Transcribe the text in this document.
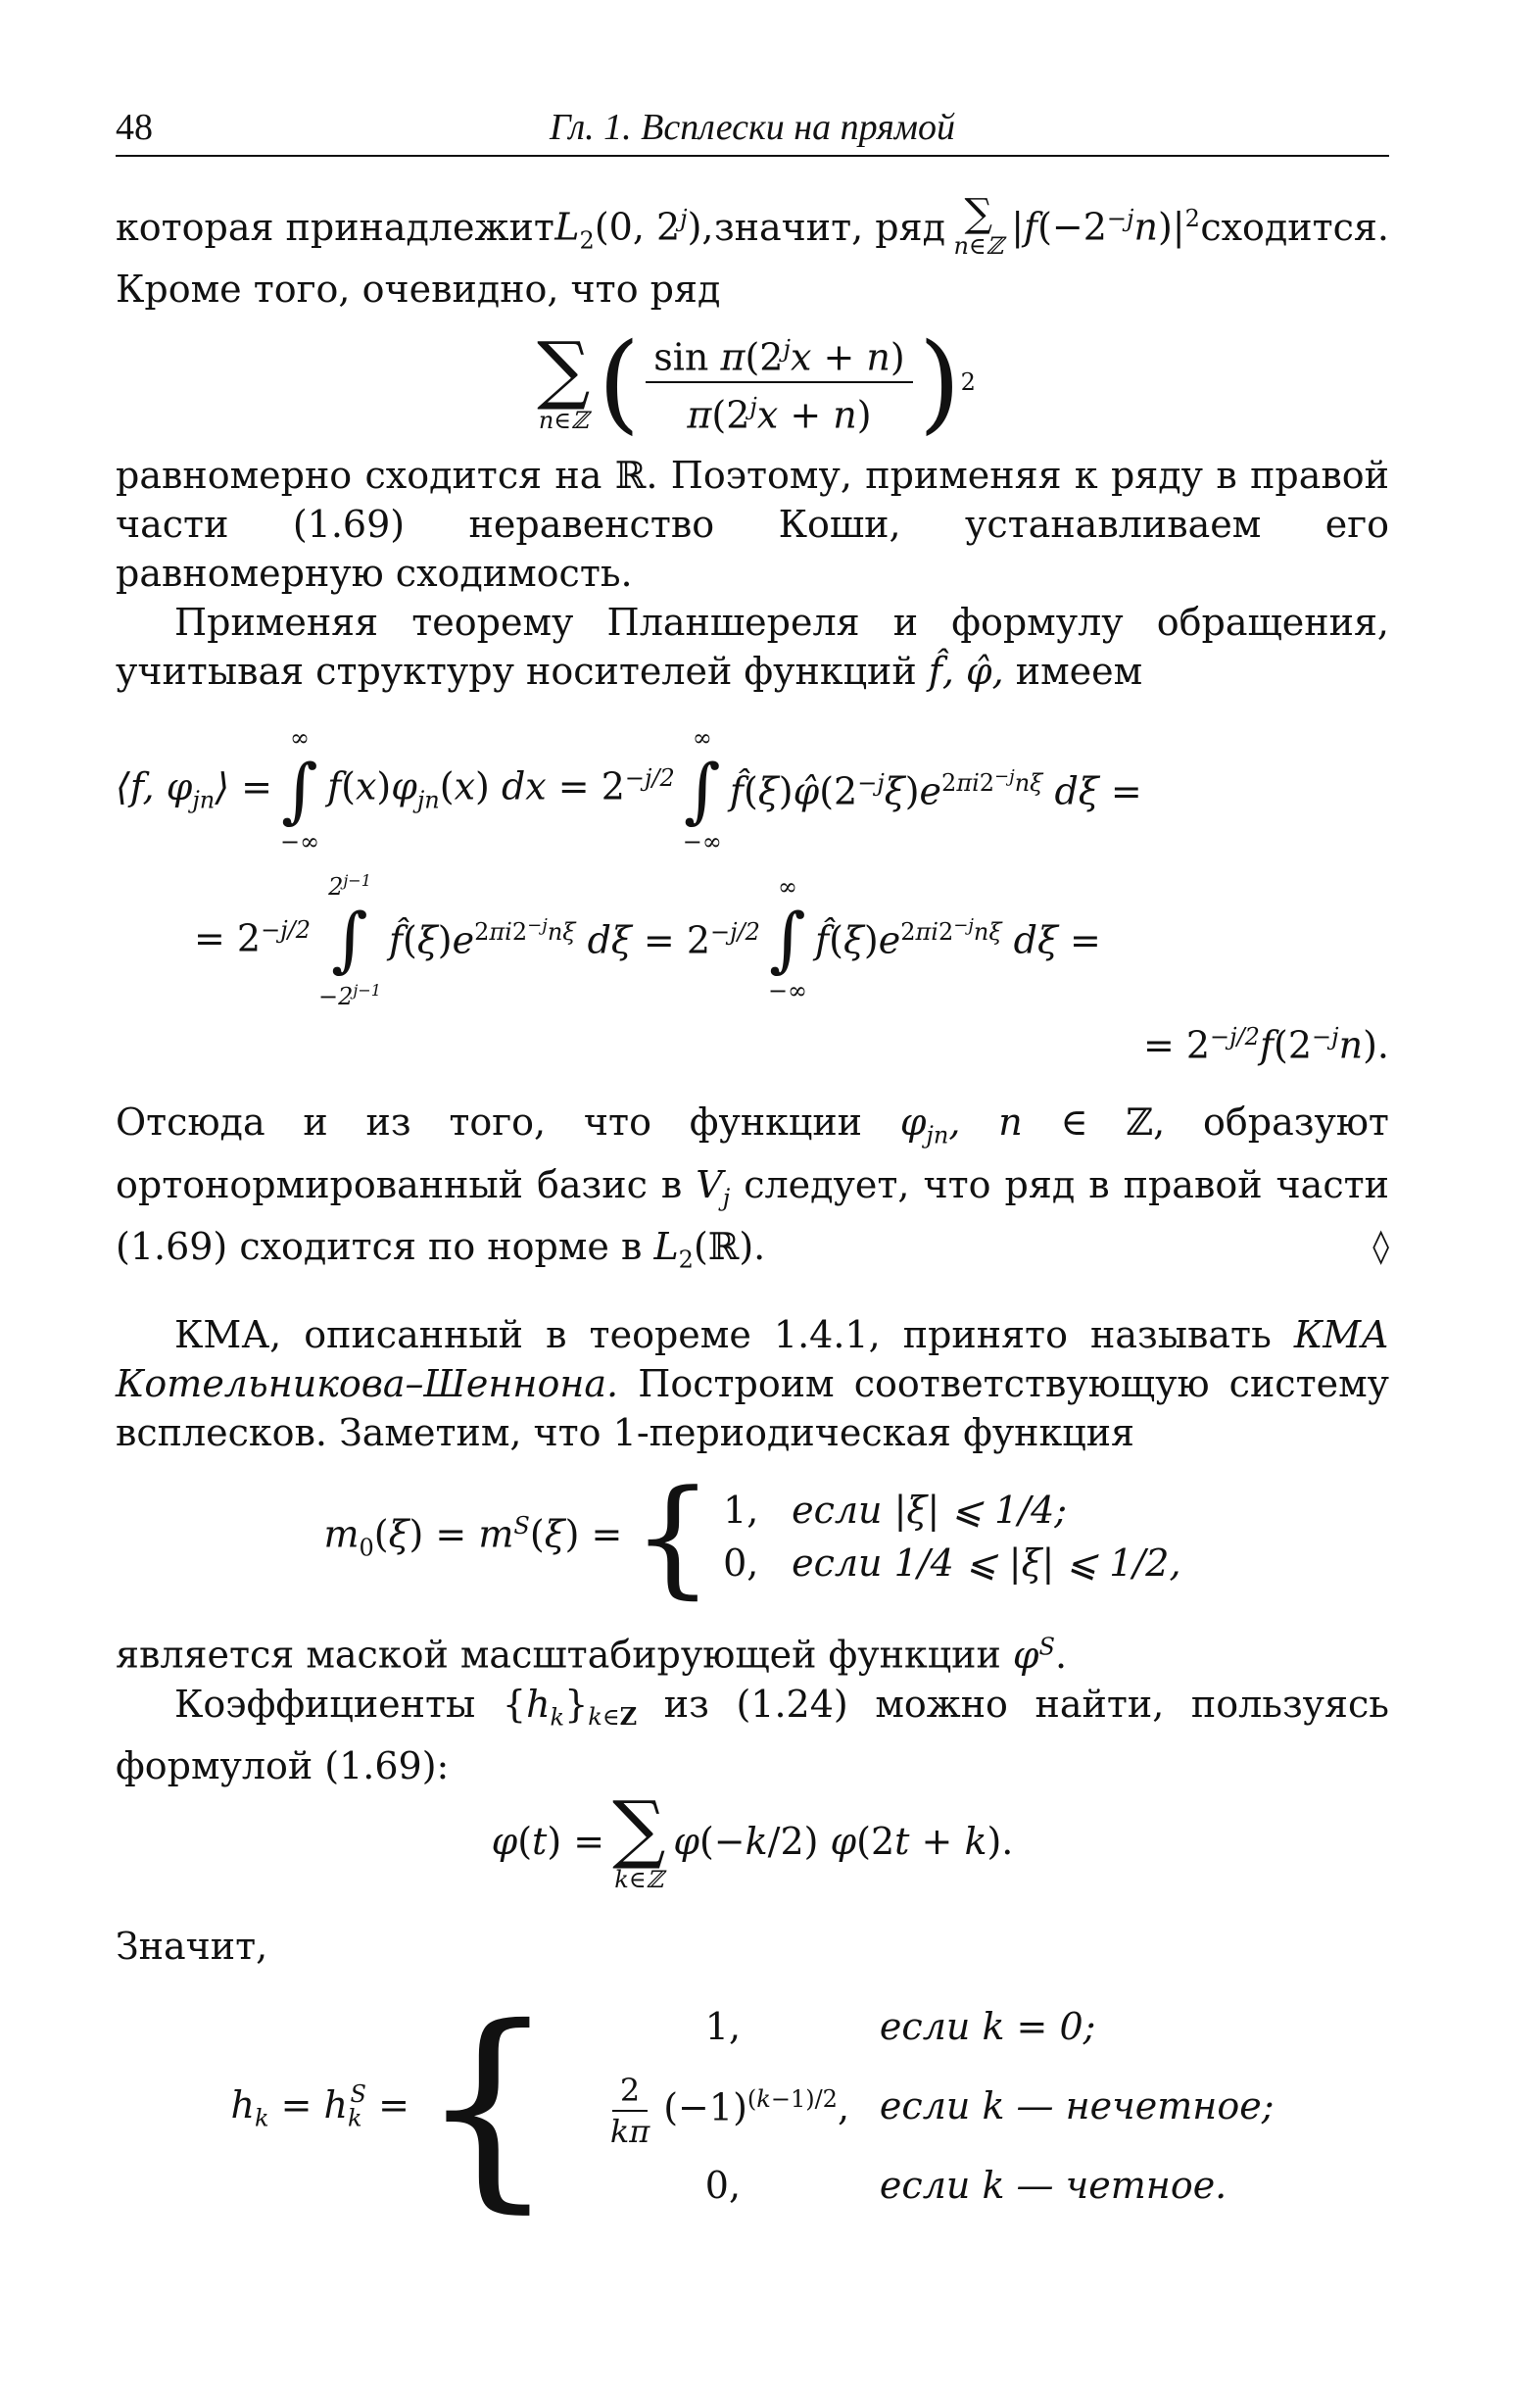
48	Гл. 1. Всплески на прямой

которая принадлежит $L_2(0$, 2$^j$), значит, ряд ∑
n∈ℤ $|f(-2^{-j}n)|^2$ сходится.

Кроме того, очевидно, что ряд

∑
n∈ℤ ( $\frac{\sin \pi(2^jx + n)}{\pi(2^jx + n)}$ ) 2

равномерно сходится на ℝ. Поэтому, применяя к ряду в правой части (1.69) неравенство Коши, устанавливаем его равномерную сходимость.

Применяя теорему Планшереля и формулу обращения, учитывая структуру носителей функций f̂, φ̂, имеем

⟨f, $\varphi_{jn}⟩$ =
∞
∫
−∞
$f(x)\varphi_{jn}(x)$ dx = $2^{-j/2}$
∞
∫
−∞
$f̂(\xi)\varphî(2^{-j}\xi)e^{2\pi i2^{-j}n\xi}$ dξ =
= $2^{-j/2}$
$2^{j-1}$
∫
$-2^{j-1}$
$f̂(\xi)e^{2\pi i2^{-j}n\xi}$ $d\xi = 2^{-j/2}$
∞
∫
−∞
$f̂(\xi)e^{2\pi i2^{-j}n\xi}$ dξ =
= $2^{-j/2}f(2^{-j}n)$.

Отсюда и из того, что функции $\varphi_{jn}$, n ∈ ℤ, образуют ортонормированный базис в $V_j$ следует, что ряд в правой части (1.69) сходится по норме в $L_2(ℝ)$.	◊

КМА, описанный в теореме 1.4.1, принято называть КМА Котельникова–Шеннона. Построим соответствующую систему всплесков. Заметим, что 1-периодическая функция

$m_0(\xi) = m^S(\xi)$ = { 1, если |ξ| ⩽ 1/4;
0, если 1/4 ⩽ |ξ| ⩽ 1/2,

является маской масштабирующей функции $\varphi^S$.

Коэффициенты $\{h_k\}_{k\in Z}$ из (1.24) можно найти, пользуясь формулой (1.69):

φ(t) = ∑
k∈ℤ
φ(−k/2) φ(2t + k).

Значит,

$h_k = h_k^S$ = {	1,	если k = 0;
$\frac{2}{k\pi} (-1)^{(k-1)/2}$, если k — нечетное;
0,	если k — четное.
